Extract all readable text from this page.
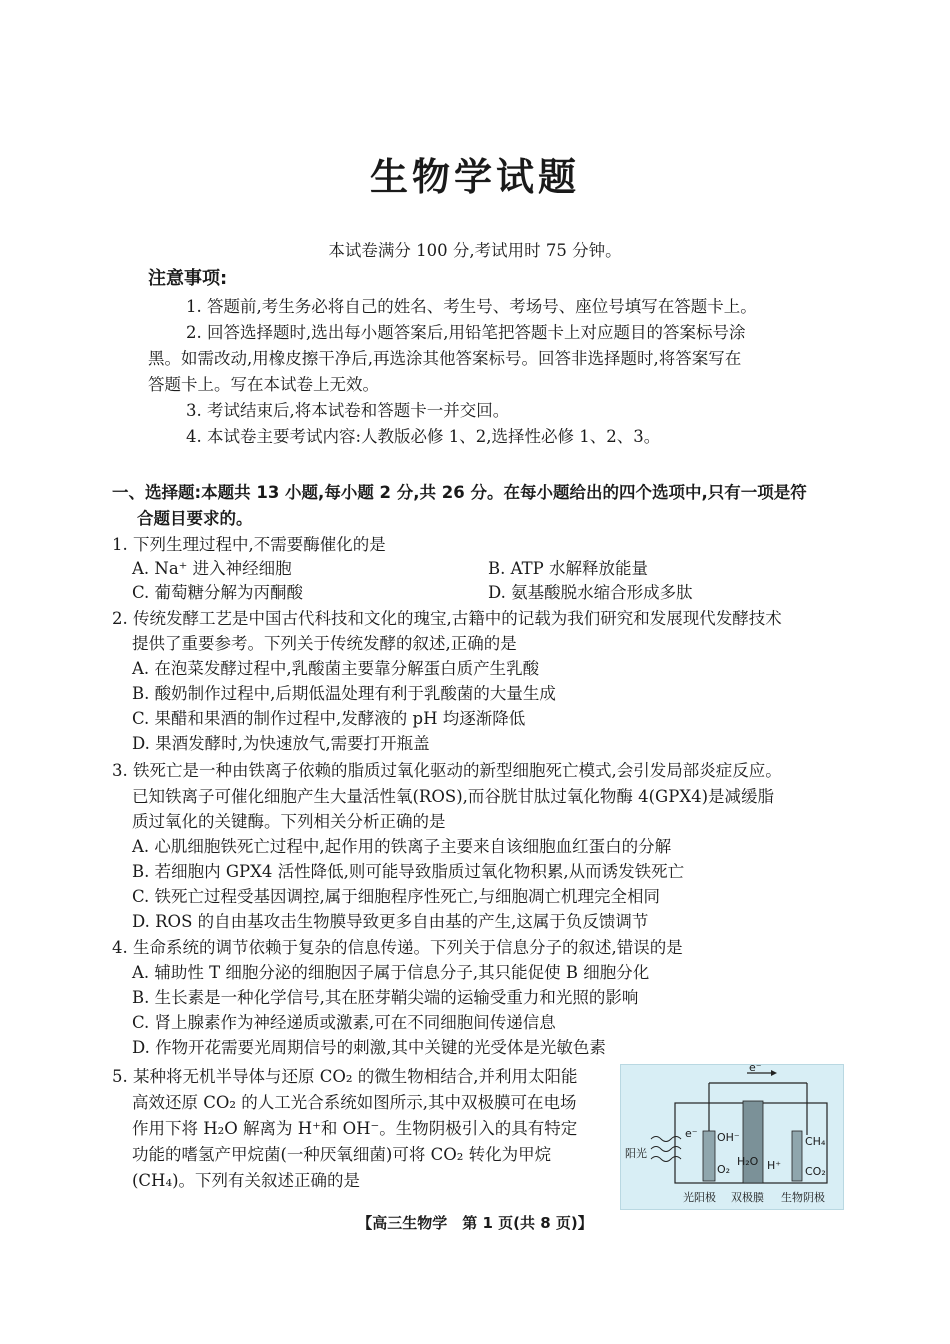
生物学试题
本试卷满分 100 分,考试用时 75 分钟。
注意事项:
1. 答题前,考生务必将自己的姓名、考生号、考场号、座位号填写在答题卡上。
2. 回答选择题时,选出每小题答案后,用铅笔把答题卡上对应题目的答案标号涂
黑。如需改动,用橡皮擦干净后,再选涂其他答案标号。回答非选择题时,将答案写在
答题卡上。写在本试卷上无效。
3. 考试结束后,将本试卷和答题卡一并交回。
4. 本试卷主要考试内容:人教版必修 1、2,选择性必修 1、2、3。
一、选择题:本题共 13 小题,每小题 2 分,共 26 分。在每小题给出的四个选项中,只有一项是符
合题目要求的。
1. 下列生理过程中,不需要酶催化的是
A. Na⁺ 进入神经细胞	B. ATP 水解释放能量
C. 葡萄糖分解为丙酮酸	D. 氨基酸脱水缩合形成多肽
2. 传统发酵工艺是中国古代科技和文化的瑰宝,古籍中的记载为我们研究和发展现代发酵技术
提供了重要参考。下列关于传统发酵的叙述,正确的是
A. 在泡菜发酵过程中,乳酸菌主要靠分解蛋白质产生乳酸
B. 酸奶制作过程中,后期低温处理有利于乳酸菌的大量生成
C. 果醋和果酒的制作过程中,发酵液的 pH 均逐渐降低
D. 果酒发酵时,为快速放气,需要打开瓶盖
3. 铁死亡是一种由铁离子依赖的脂质过氧化驱动的新型细胞死亡模式,会引发局部炎症反应。
已知铁离子可催化细胞产生大量活性氧(ROS),而谷胱甘肽过氧化物酶 4(GPX4)是减缓脂
质过氧化的关键酶。下列相关分析正确的是
A. 心肌细胞铁死亡过程中,起作用的铁离子主要来自该细胞血红蛋白的分解
B. 若细胞内 GPX4 活性降低,则可能导致脂质过氧化物积累,从而诱发铁死亡
C. 铁死亡过程受基因调控,属于细胞程序性死亡,与细胞凋亡机理完全相同
D. ROS 的自由基攻击生物膜导致更多自由基的产生,这属于负反馈调节
4. 生命系统的调节依赖于复杂的信息传递。下列关于信息分子的叙述,错误的是
A. 辅助性 T 细胞分泌的细胞因子属于信息分子,其只能促使 B 细胞分化
B. 生长素是一种化学信号,其在胚芽鞘尖端的运输受重力和光照的影响
C. 肾上腺素作为神经递质或激素,可在不同细胞间传递信息
D. 作物开花需要光周期信号的刺激,其中关键的光受体是光敏色素
5. 某种将无机半导体与还原 CO₂ 的微生物相结合,并利用太阳能
高效还原 CO₂ 的人工光合系统如图所示,其中双极膜可在电场
作用下将 H₂O 解离为 H⁺和 OH⁻。生物阴极引入的具有特定
功能的嗜氢产甲烷菌(一种厌氧细菌)可将 CO₂ 转化为甲烷
(CH₄)。下列有关叙述正确的是
e⁻
阳光
e⁻ OH⁻
O₂
H₂O H⁺
CH₄
CO₂
光阳极 双极膜 生物阴极
【高三生物学　第 1 页(共 8 页)】
